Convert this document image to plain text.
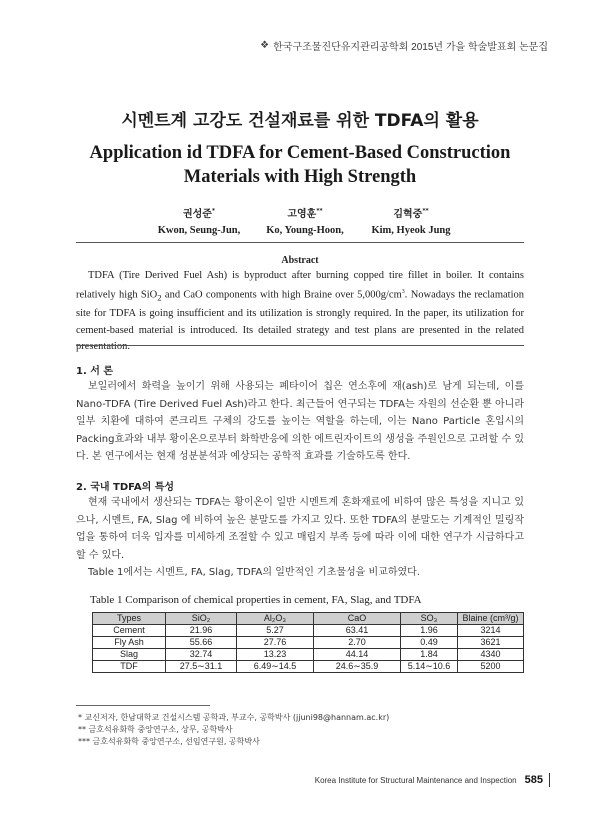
❖ 한국구조물진단유지관리공학회 2015년 가을 학술발표회 논문집
시멘트계 고강도 건설재료를 위한 TDFA의 활용
Application id TDFA for Cement-Based Construction
Materials with High Strength
권성준*
Kwon, Seung-Jun,
고영훈**
Ko, Young-Hoon,
김혁중**
Kim, Hyeok Jung
Abstract
TDFA (Tire Derived Fuel Ash) is byproduct after burning copped tire fillet in boiler. It contains relatively high SiO$_2$ and CaO components with high Braine over $5,000g/cm^3$. Nowadays the reclamation site for TDFA is going insufficient and its utilization is strongly required. In the paper, its utilization for cement-based material is introduced. Its detailed strategy and test plans are presented in the related presentation.
1. 서 론
보일러에서 화력을 높이기 위해 사용되는 폐타이어 칩은 연소후에 재(ash)로 남게 되는데, 이를 Nano-TDFA (Tire Derived Fuel Ash)라고 한다. 최근들어 연구되는 TDFA는 자원의 선순환 뿐 아니라 일부 치환에 대하여 콘크리트 구체의 강도를 높이는 역할을 하는데, 이는 Nano Particle 혼입시의 Packing효과와 내부 황이온으로부터 화학반응에 의한 에트린자이트의 생성을 주원인으로 고려할 수 있다. 본 연구에서는 현재 성분분석과 예상되는 공학적 효과를 기술하도록 한다.
2. 국내 TDFA의 특성
현재 국내에서 생산되는 TDFA는 황이온이 일반 시멘트계 혼화재료에 비하여 많은 특성을 지니고 있으나, 시멘트, FA, Slag 에 비하여 높은 분말도를 가지고 있다. 또한 TDFA의 분말도는 기계적인 밀링작업을 통하여 더욱 입자를 미세하게 조절할 수 있고 매립지 부족 등에 따라 이에 대한 연구가 시급하다고할 수 있다.
Table 1에서는 시멘트, FA, Slag, TDFA의 일반적인 기초물성을 비교하였다.
Table 1 Comparison of chemical properties in cement, FA, Slag, and TDFA
Types	SiO₂	Al₂O₃	CaO	SO₃	Blaine (cm³/g)
Cement	21.96	5.27	63.41	1.96	3214
Fly Ash	55.66	27.76	2.70	0.49	3621
Slag	32.74	13.23	44.14	1.84	4340
TDF	27.5∼31.1	6.49∼14.5	24.6∼35.9	5.14∼10.6	5200
* 교신저자, 한남대학교 건설시스템 공학과, 부교수, 공학박사 (jjuni98@hannam.ac.kr)
** 금호석유화학 중앙연구소, 상무, 공학박사
*** 금호석유화학 중앙연구소, 선임연구원, 공학박사
Korea Institute for Structural Maintenance and Inspection 585
